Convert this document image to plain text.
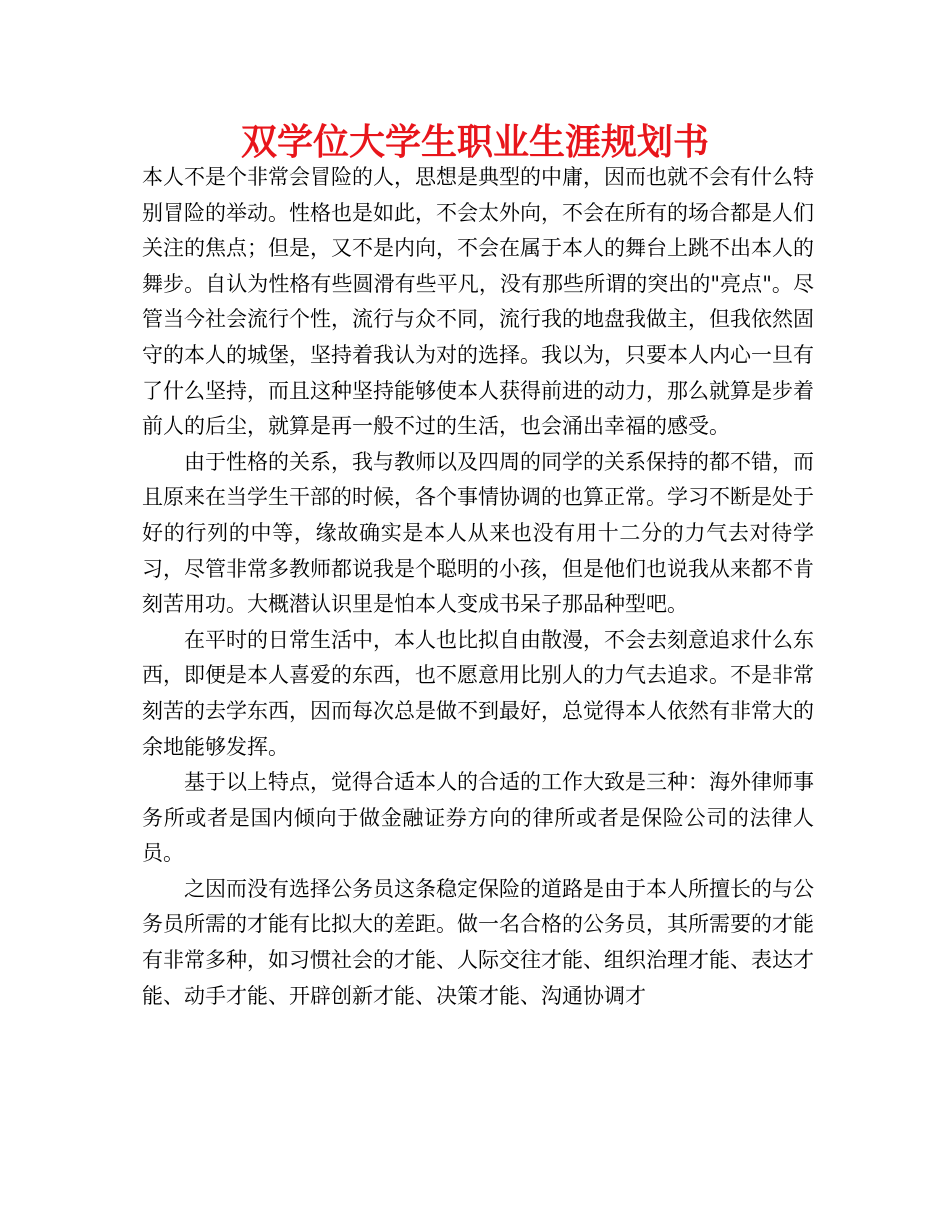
双学位大学生职业生涯规划书

本人不是个非常会冒险的人，思想是典型的中庸，因而也就不会有什么特别冒险的举动。性格也是如此，不会太外向，不会在所有的场合都是人们关注的焦点；但是，又不是内向，不会在属于本人的舞台上跳不出本人的舞步。自认为性格有些圆滑有些平凡，没有那些所谓的突出的"亮点"。尽管当今社会流行个性，流行与众不同，流行我的地盘我做主，但我依然固守的本人的城堡，坚持着我认为对的选择。我以为，只要本人内心一旦有了什么坚持，而且这种坚持能够使本人获得前进的动力，那么就算是步着前人的后尘，就算是再一般不过的生活，也会涌出幸福的感受。

由于性格的关系，我与教师以及四周的同学的关系保持的都不错，而且原来在当学生干部的时候，各个事情协调的也算正常。学习不断是处于好的行列的中等，缘故确实是本人从来也没有用十二分的力气去对待学习，尽管非常多教师都说我是个聪明的小孩，但是他们也说我从来都不肯刻苦用功。大概潜认识里是怕本人变成书呆子那品种型吧。

在平时的日常生活中，本人也比拟自由散漫，不会去刻意追求什么东西，即便是本人喜爱的东西，也不愿意用比别人的力气去追求。不是非常刻苦的去学东西，因而每次总是做不到最好，总觉得本人依然有非常大的余地能够发挥。

基于以上特点，觉得合适本人的合适的工作大致是三种：海外律师事务所或者是国内倾向于做金融证券方向的律所或者是保险公司的法律人员。

之因而没有选择公务员这条稳定保险的道路是由于本人所擅长的与公务员所需的才能有比拟大的差距。做一名合格的公务员，其所需要的才能有非常多种，如习惯社会的才能、人际交往才能、组织治理才能、表达才能、动手才能、开辟创新才能、决策才能、沟通协调才
